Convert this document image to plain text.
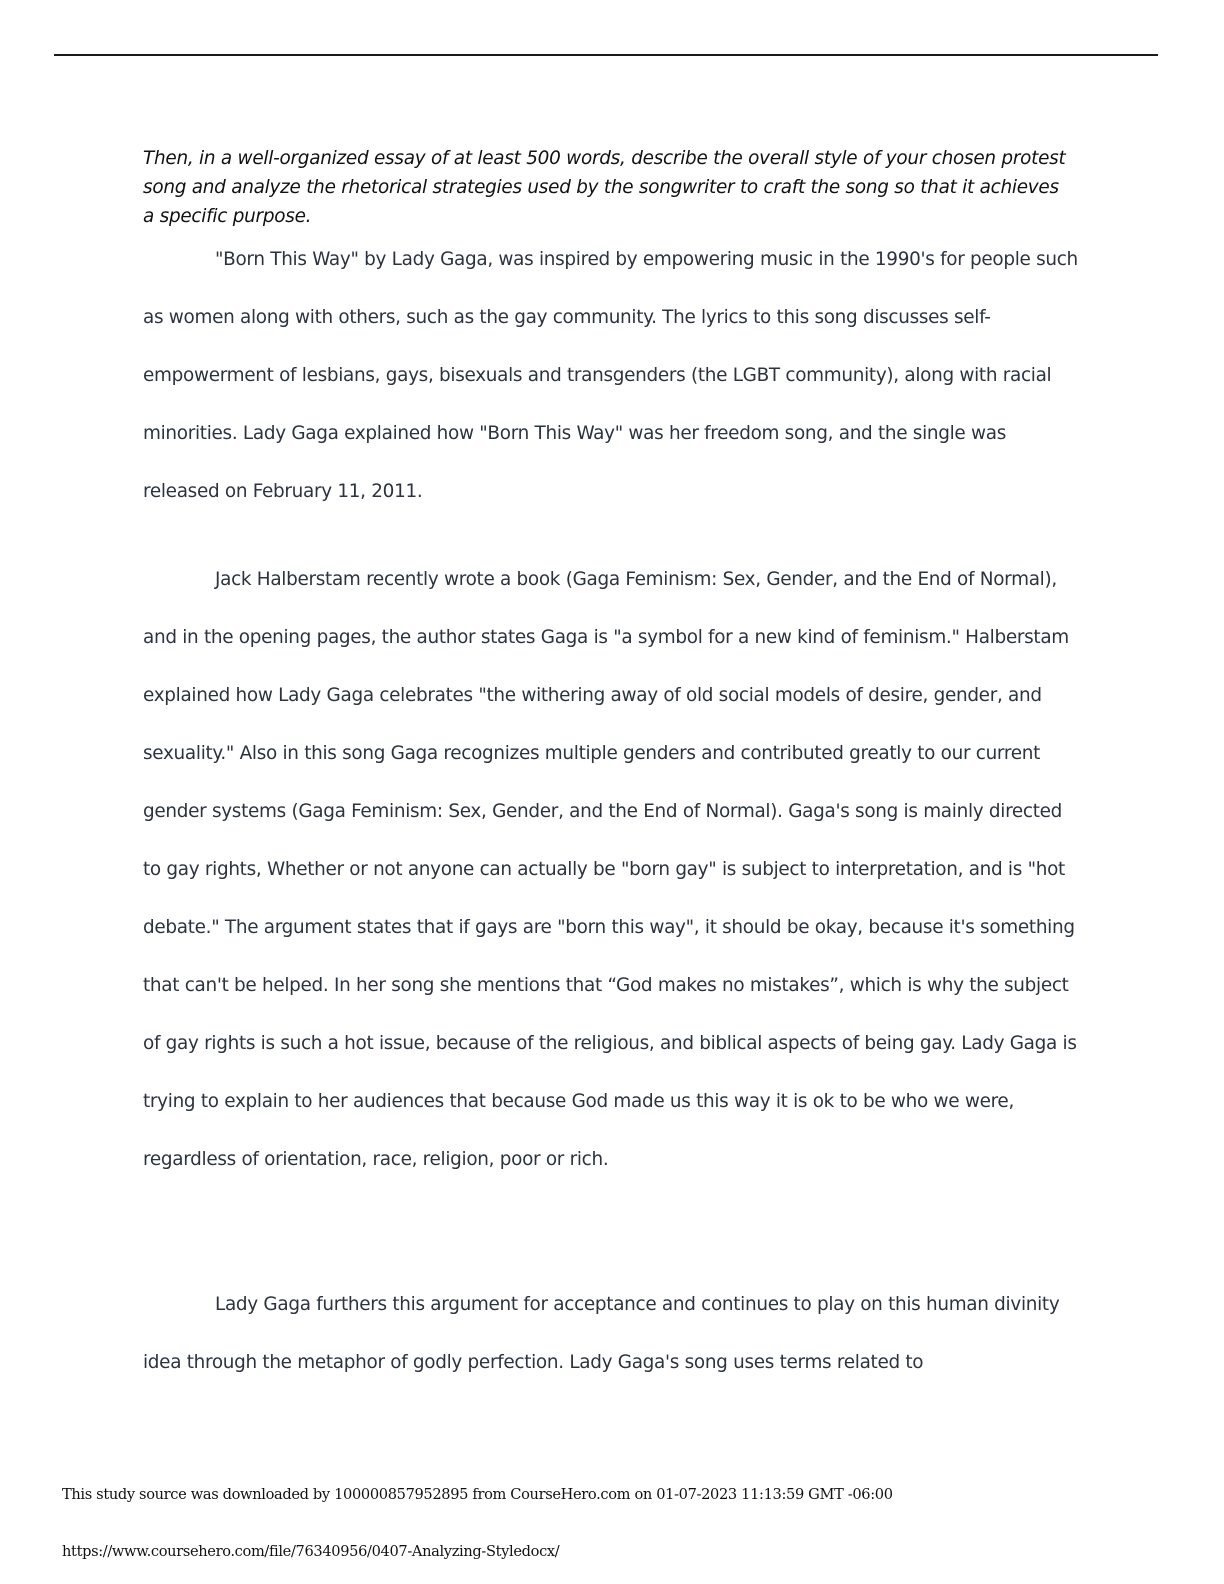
Then, in a well-organized essay of at least 500 words, describe the overall style of your chosen protest song and analyze the rhetorical strategies used by the songwriter to craft the song so that it achieves a specific purpose.

"Born This Way" by Lady Gaga, was inspired by empowering music in the 1990's for people such as women along with others, such as the gay community. The lyrics to this song discusses self-empowerment of lesbians, gays, bisexuals and transgenders (the LGBT community), along with racial minorities. Lady Gaga explained how "Born This Way" was her freedom song, and the single was released on February 11, 2011.

Jack Halberstam recently wrote a book (Gaga Feminism: Sex, Gender, and the End of Normal), and in the opening pages, the author states Gaga is "a symbol for a new kind of feminism." Halberstam explained how Lady Gaga celebrates "the withering away of old social models of desire, gender, and sexuality." Also in this song Gaga recognizes multiple genders and contributed greatly to our current gender systems (Gaga Feminism: Sex, Gender, and the End of Normal). Gaga's song is mainly directed to gay rights, Whether or not anyone can actually be "born gay" is subject to interpretation, and is "hot debate." The argument states that if gays are "born this way", it should be okay, because it's something that can't be helped. In her song she mentions that “God makes no mistakes”, which is why the subject of gay rights is such a hot issue, because of the religious, and biblical aspects of being gay. Lady Gaga is trying to explain to her audiences that because God made us this way it is ok to be who we were, regardless of orientation, race, religion, poor or rich.

Lady Gaga furthers this argument for acceptance and continues to play on this human divinity idea through the metaphor of godly perfection. Lady Gaga's song uses terms related to

This study source was downloaded by 100000857952895 from CourseHero.com on 01-07-2023 11:13:59 GMT -06:00

https://www.coursehero.com/file/76340956/0407-Analyzing-Styledocx/
